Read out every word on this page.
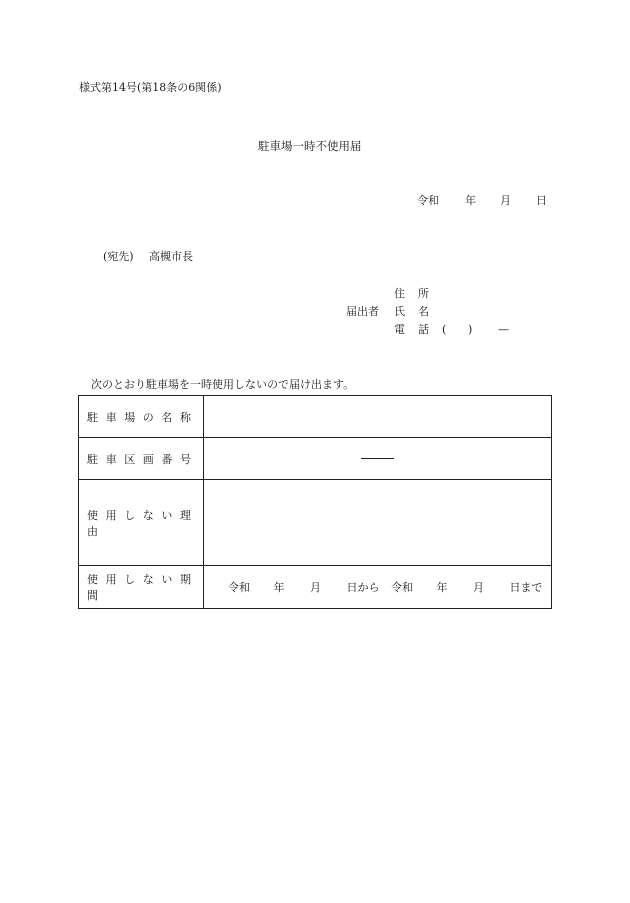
様式第14号(第18条の6関係)
駐車場一時不使用届
令和 年 月 日
(宛先) 高槻市長
届出者
住所
氏名
電話 ( ) —
次のとおり駐車場を一時使用しないので届け出ます。
駐車場の名称	
駐車区画番号	

使用しない理由	
使用しない期間	令和 年 月 日から 令和 年 月 日まで
